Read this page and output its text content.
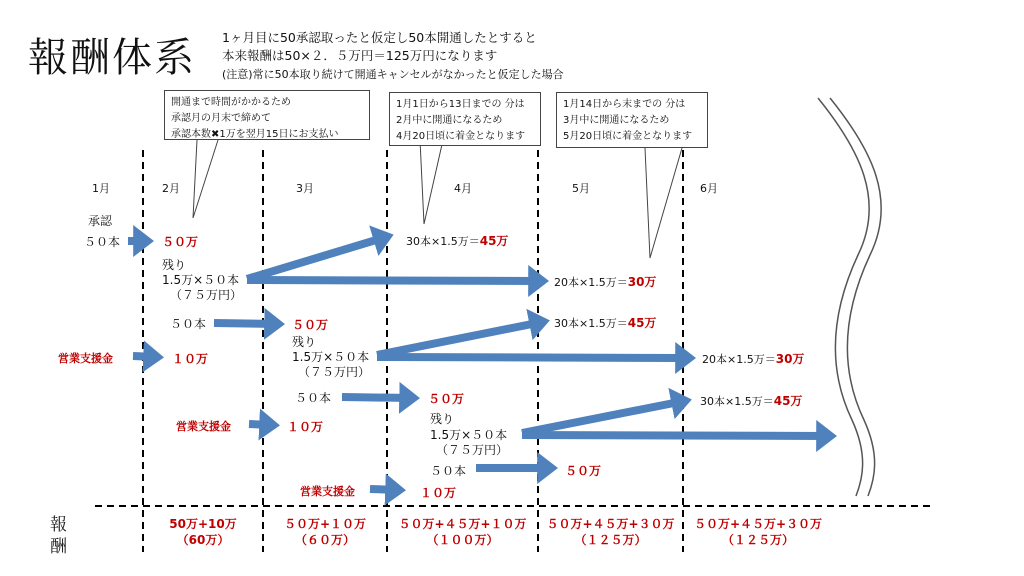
報酬体系 1ヶ月目に50承認取ったと仮定し50本開通したとすると
本来報酬は50×２．５万円＝125万円になります
(注意)常に50本取り続けて開通キャンセルがなかったと仮定した場合
開通まで時間がかかるため
承認月の月末で締めて
承認本数✖1万を翌月15日にお支払い
1月1日から13日までの 分は
2月中に開通になるため
4月20日頃に着金となります
1月14日から末までの 分は
3月中に開通になるため
5月20日頃に着金となります
1月	2月	3月	4月	5月	6月
承認
５０本	５０万
残り
1.5万×５０本
（７５万円）
30本×1.5万＝45万
20本×1.5万＝30万
５０本	５０万
営業支援金	１０万
残り
1.5万×５０本
（７５万円）
30本×1.5万＝45万
20本×1.5万＝30万
５０本	５０万
営業支援金	１０万
残り
1.5万×５０本
（７５万円）
30本×1.5万＝45万
５０本	５０万
営業支援金	１０万
報
酬
50万+10万
（60万）
５０万+１０万
（６０万）
５０万+４５万+１０万
（１００万）
５０万+４５万+３０万
（１２５万）
５０万+４５万+３０万
（１２５万）
